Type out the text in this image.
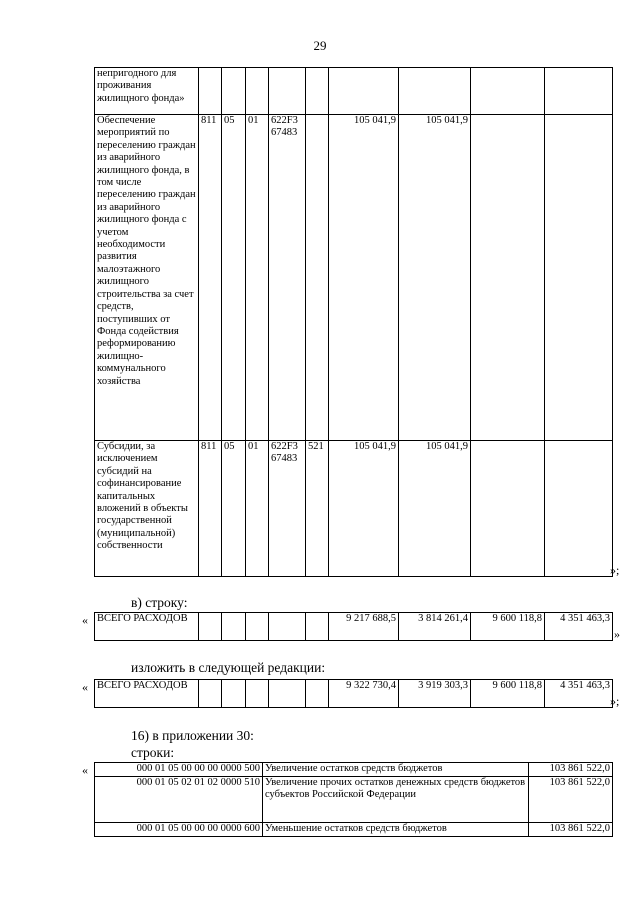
29
непригодного для проживания жилищного фонда»									
Обеспечение мероприятий по переселению граждан из аварийного жилищного фонда, в том числе переселению граждан из аварийного жилищного фонда с учетом необходимости развития малоэтажного жилищного строительства за счет средств, поступивших от Фонда содействия реформированию жилищно-коммунального хозяйства	811	05	01	622F3 67483		105 041,9	105 041,9		
Субсидии, за исключением субсидий на софинансирование капитальных вложений в объекты государственной (муниципальной) собственности	811	05	01	622F3 67483	521	105 041,9	105 041,9		
»;
в) строку:
« ВСЕГО РАСХОДОВ						9 217 688,5	3 814 261,4	9 600 118,8	4 351 463,3
»
изложить в следующей редакции:
« ВСЕГО РАСХОДОВ						9 322 730,4	3 919 303,3	9 600 118,8	4 351 463,3
»;
16) в приложении 30:
строки:
«	000 01 05 00 00 00 0000 500	Увеличение остатков средств бюджетов	103 861 522,0
000 01 05 02 01 02 0000 510	Увеличение прочих остатков денежных средств бюджетов субъектов Российской Федерации	103 861 522,0
000 01 05 00 00 00 0000 600	Уменьшение остатков средств бюджетов	103 861 522,0
